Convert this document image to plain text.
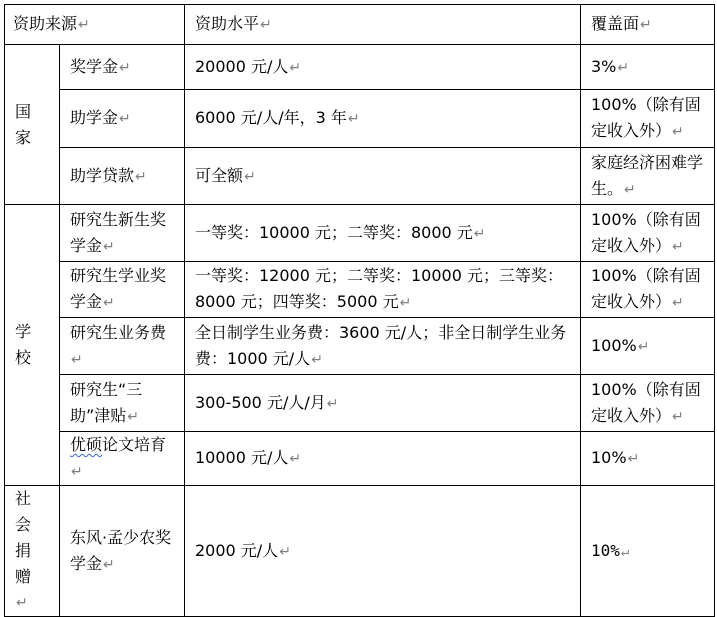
资助来源↵		资助水平↵	覆盖面↵

国
家	奖学金↵	20000 元/人↵	3%↵
	助学金↵	6000 元/人/年，3 年↵	100%（除有固定收入外）↵
	助学贷款↵	可全额↵	家庭经济困难学生。↵

学
校	研究生新生奖学金↵	一等奖：10000 元；二等奖：8000 元↵	100%（除有固定收入外）↵
	研究生学业奖学金↵	一等奖：12000 元；二等奖：10000 元；三等奖：8000 元；四等奖：5000 元↵	100%（除有固定收入外）↵
	研究生业务费↵	全日制学生业务费：3600 元/人；非全日制学生业务费：1000 元/人↵	100%↵
	研究生“三助”津贴↵	300-500 元/人/月↵	100%（除有固定收入外）↵
	优硕论文培育↵	10000 元/人↵	10%↵

社
会
捐
赠
↵	东风·孟少农奖学金↵	2000 元/人↵	10%↵
